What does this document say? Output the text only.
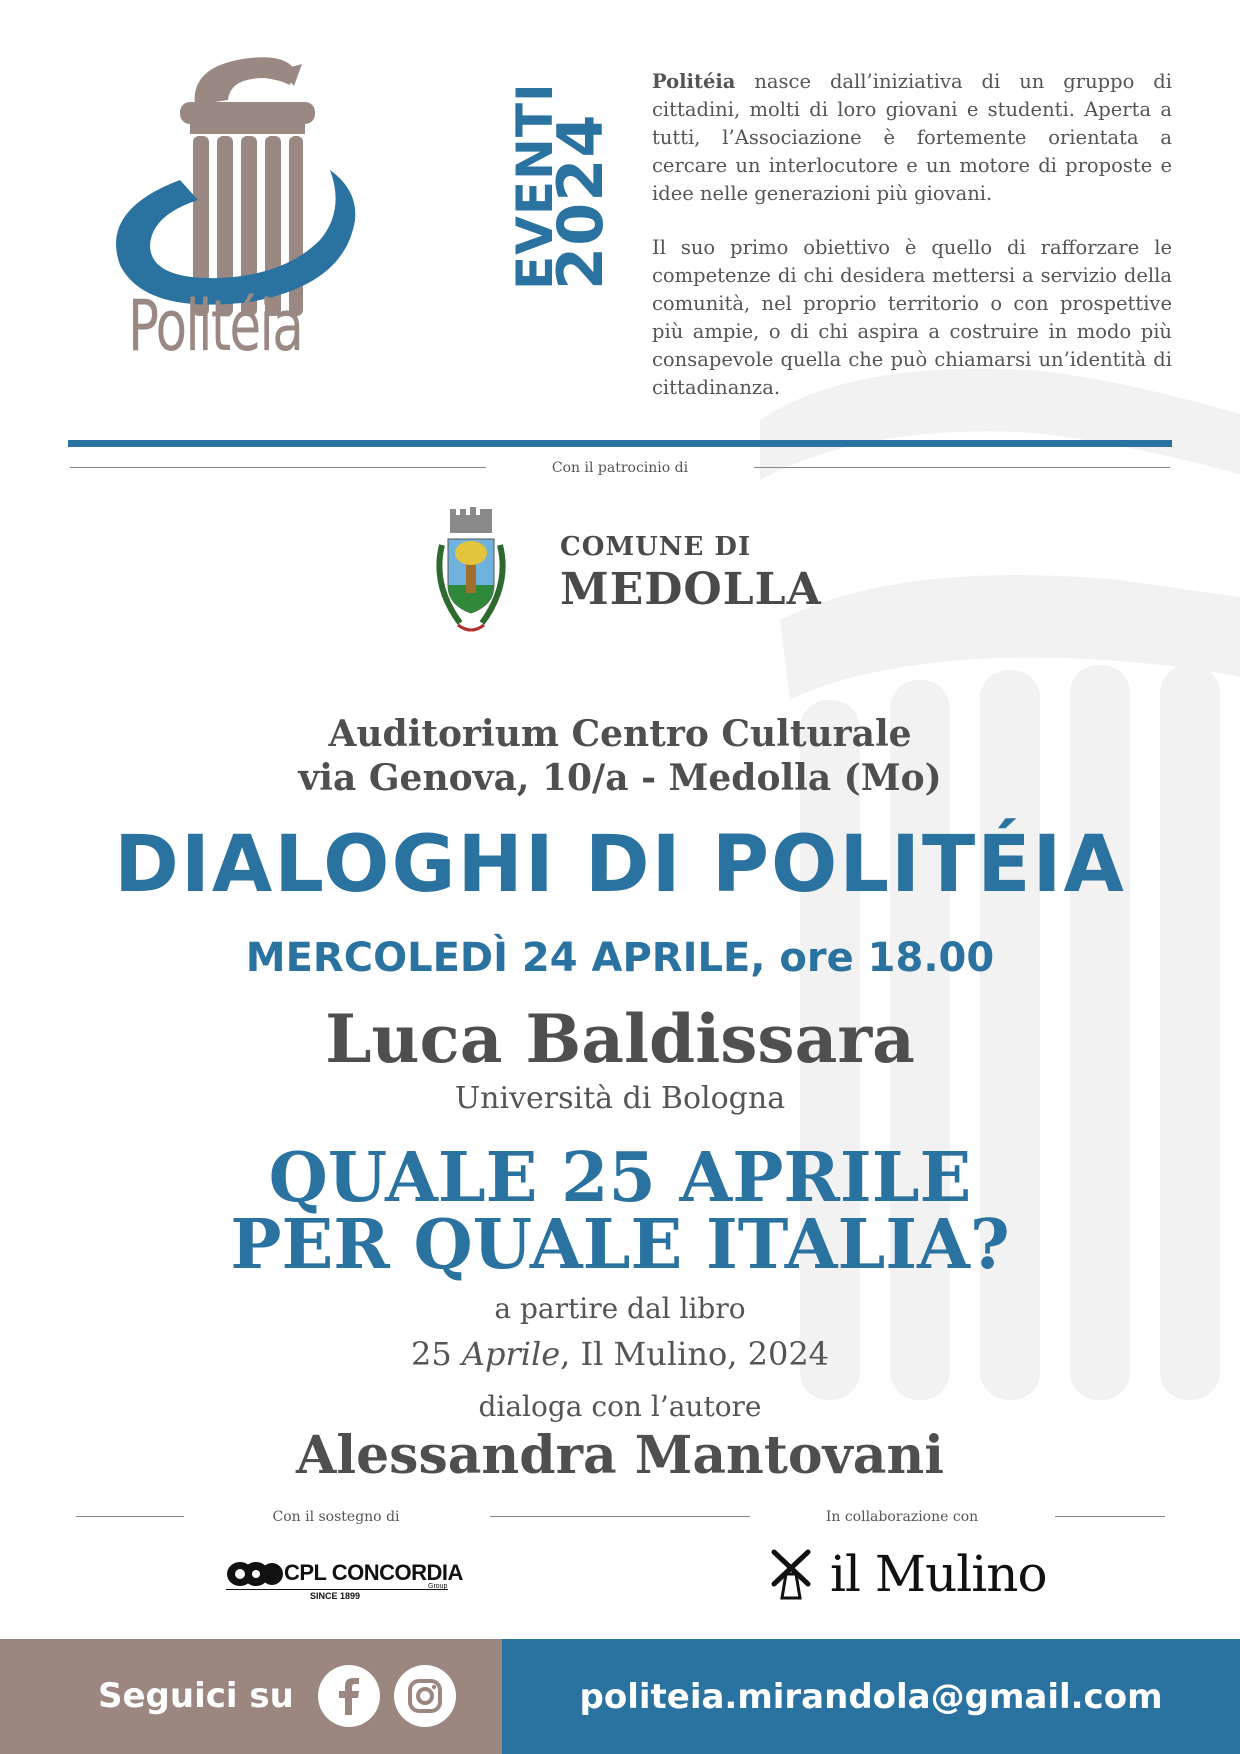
Politéia
EVENTI
2024

Politéia nasce dall’iniziativa di un gruppo di cittadini, molti di loro giovani e studenti. Aperta a tutti, l’Associazione è fortemente orientata a cercare un interlocutore e un motore di proposte e idee nelle generazioni più giovani.

Il suo primo obiettivo è quello di rafforzare le competenze di chi desidera mettersi a servizio della comunità, nel proprio territorio o con prospettive più ampie, o di chi aspira a costruire in modo più consapevole quella che può chiamarsi un’identità di cittadinanza.

Con il patrocinio di
COMUNE DI
MEDOLLA
Auditorium Centro Culturale
via Genova, 10/a - Medolla (Mo)
DIALOGHI DI POLITÉIA
MERCOLEDÌ 24 APRILE, ore 18.00
Luca Baldissara
Università di Bologna
QUALE 25 APRILE
PER QUALE ITALIA?
a partire dal libro
25 Aprile, Il Mulino, 2024
dialoga con l’autore
Alessandra Mantovani
Con il sostegno di	In collaborazione con
CPL CONCORDIA
SINCE 1899
Group	il Mulino
Seguici su	politeia.mirandola@gmail.com
